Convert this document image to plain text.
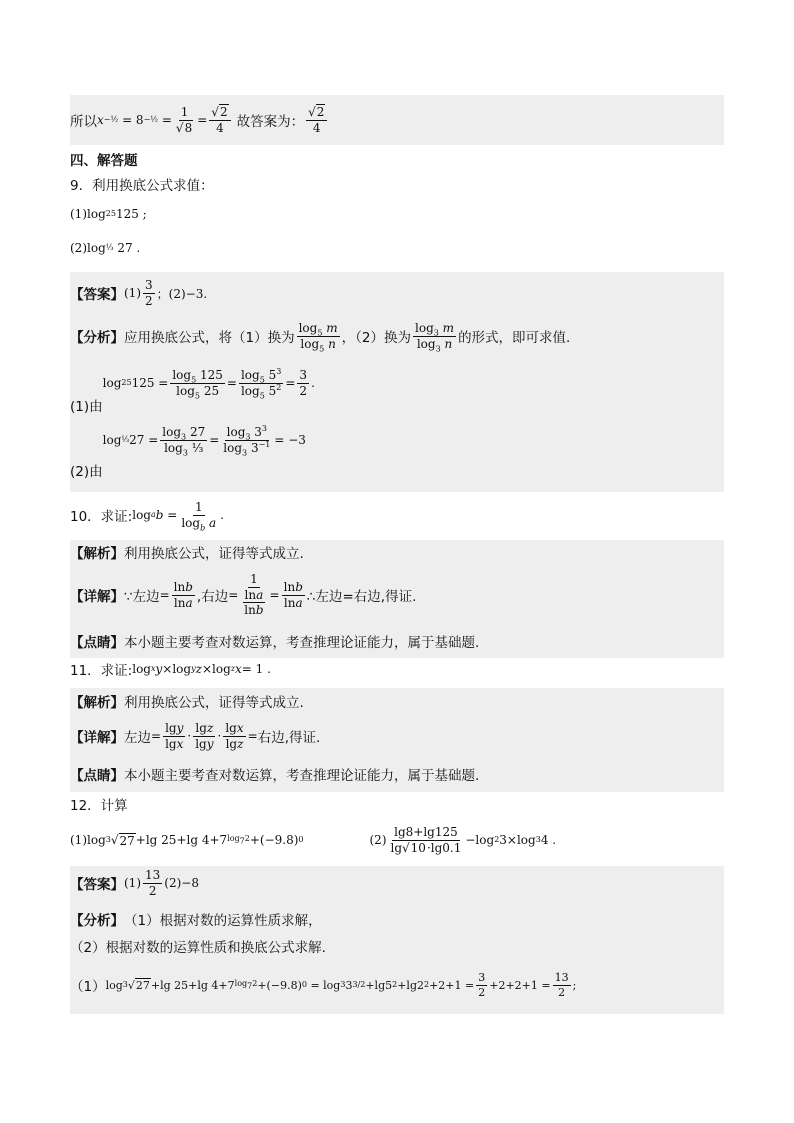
所以 x −½ = 8 −½ = $\frac{1}{√8} = \frac{√2}{4}$ 故答案为： $\frac{√2}{4}$
四、解答题
9．利用换底公式求值：
(1) log 25 125 ;
(2) log ⅓ 27 .
【答案】 $(1) \frac{3}{2}$ ；(2)−3.
【分析】 应用换底公式，将（1）换为 $\frac{\log_5 m}{\log_5 n}$ ，（2）换为 $\frac{\log_3 m}{\log_3 n}$ 的形式，即可求值.
(1)由
log 25 $125 = \frac{\log_5 125}{\log_5 25} = \frac{\log_5 5^3}{\log_5 5^2} = \frac{3}{2}$ .
(2)由
log ⅓ $27 = \frac{\log_3 27}{\log_3 \frac{1}{3}} = \frac{\log_3 3^3}{\log_3 3^{-1}} = -3$
10．求证: log a $b = \frac{1}{\log_b a}$ .
【解析】 利用换底公式，证得等式成立.
【详解】 ∵左边 = $\frac{\ln b}{\ln a}$ ,右边 = $\frac{1}{\frac{\ln a}{\ln b}} = \frac{\ln b}{\ln a}$ ∴左边=右边,得证.
【点睛】 本小题主要考查对数运算，考查推理论证能力，属于基础题.
11．求证: log x y ×log y z ×log z x = 1 .
【解析】 利用换底公式，证得等式成立.
【详解】 左边 = $\frac{\lg y}{\lg x} \cdot \frac{\lg z}{\lg y} \cdot \frac{\lg x}{\lg z}$ = 右边,得证.
【点睛】 本小题主要考查对数运算，考查推理论证能力，属于基础题.
12．计算
(1) log 3 √ 27 +lg 25+lg 4+7 $\log_72 +(-9.8)$ 0	$(2) \frac{\lg 8+\lg 125}{\lg√10\cdot\lg 0.1} -\log$ 2 3×log 3 4 .
【答案】 $(1) \frac{13}{2} (2)-8$
【分析】 （1）根据对数的运算性质求解，
（2）根据对数的运算性质和换底公式求解.
（1） log 3 √ 27 +lg 25+lg 4+7 $\log_72 +(-9.8) 0 = \log 3$ 3 3/2 +lg5 2 +lg2 $2 +2+1 = \frac{3}{2} +2+2+1 = \frac{13}{2}$ ;
